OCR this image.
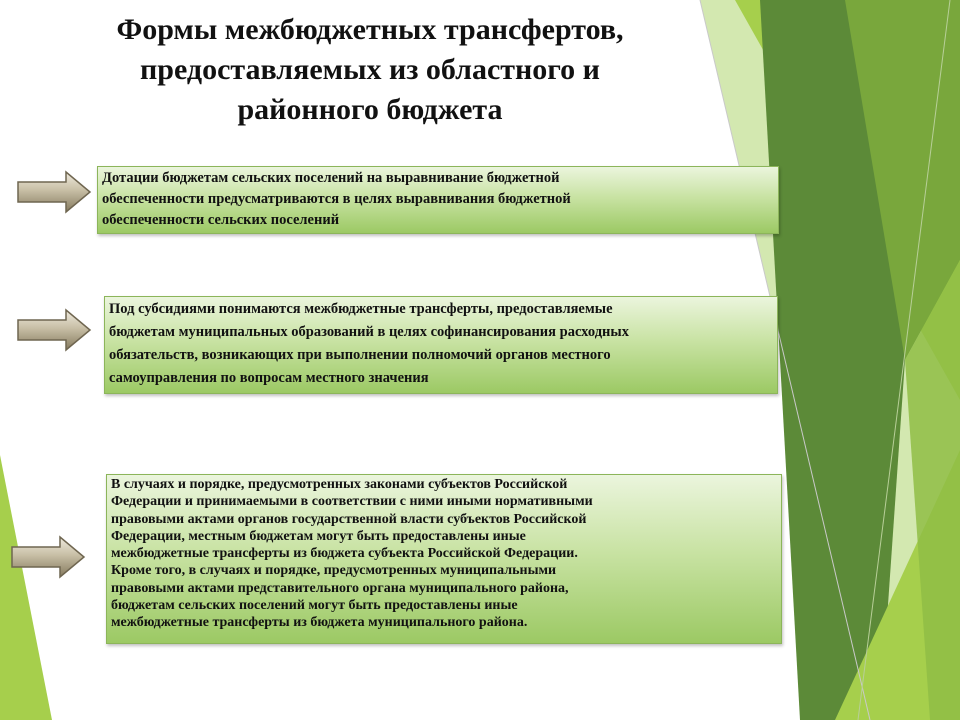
Формы межбюджетных трансфертов,
предоставляемых из областного и
районного бюджета
Дотации бюджетам сельских поселений на выравнивание бюджетной
обеспеченности предусматриваются в целях выравнивания бюджетной
обеспеченности сельских поселений
Под субсидиями понимаются межбюджетные трансферты, предоставляемые
бюджетам муниципальных образований в целях софинансирования расходных
обязательств, возникающих при выполнении полномочий органов местного
самоуправления по вопросам местного значения
В случаях и порядке, предусмотренных законами субъектов Российской
Федерации и принимаемыми в соответствии с ними иными нормативными
правовыми актами органов государственной власти субъектов Российской
Федерации, местным бюджетам могут быть предоставлены иные
межбюджетные трансферты из бюджета субъекта Российской Федерации.
Кроме того, в случаях и порядке, предусмотренных муниципальными
правовыми актами представительного органа муниципального района,
бюджетам сельских поселений могут быть предоставлены иные
межбюджетные трансферты из бюджета муниципального района.
